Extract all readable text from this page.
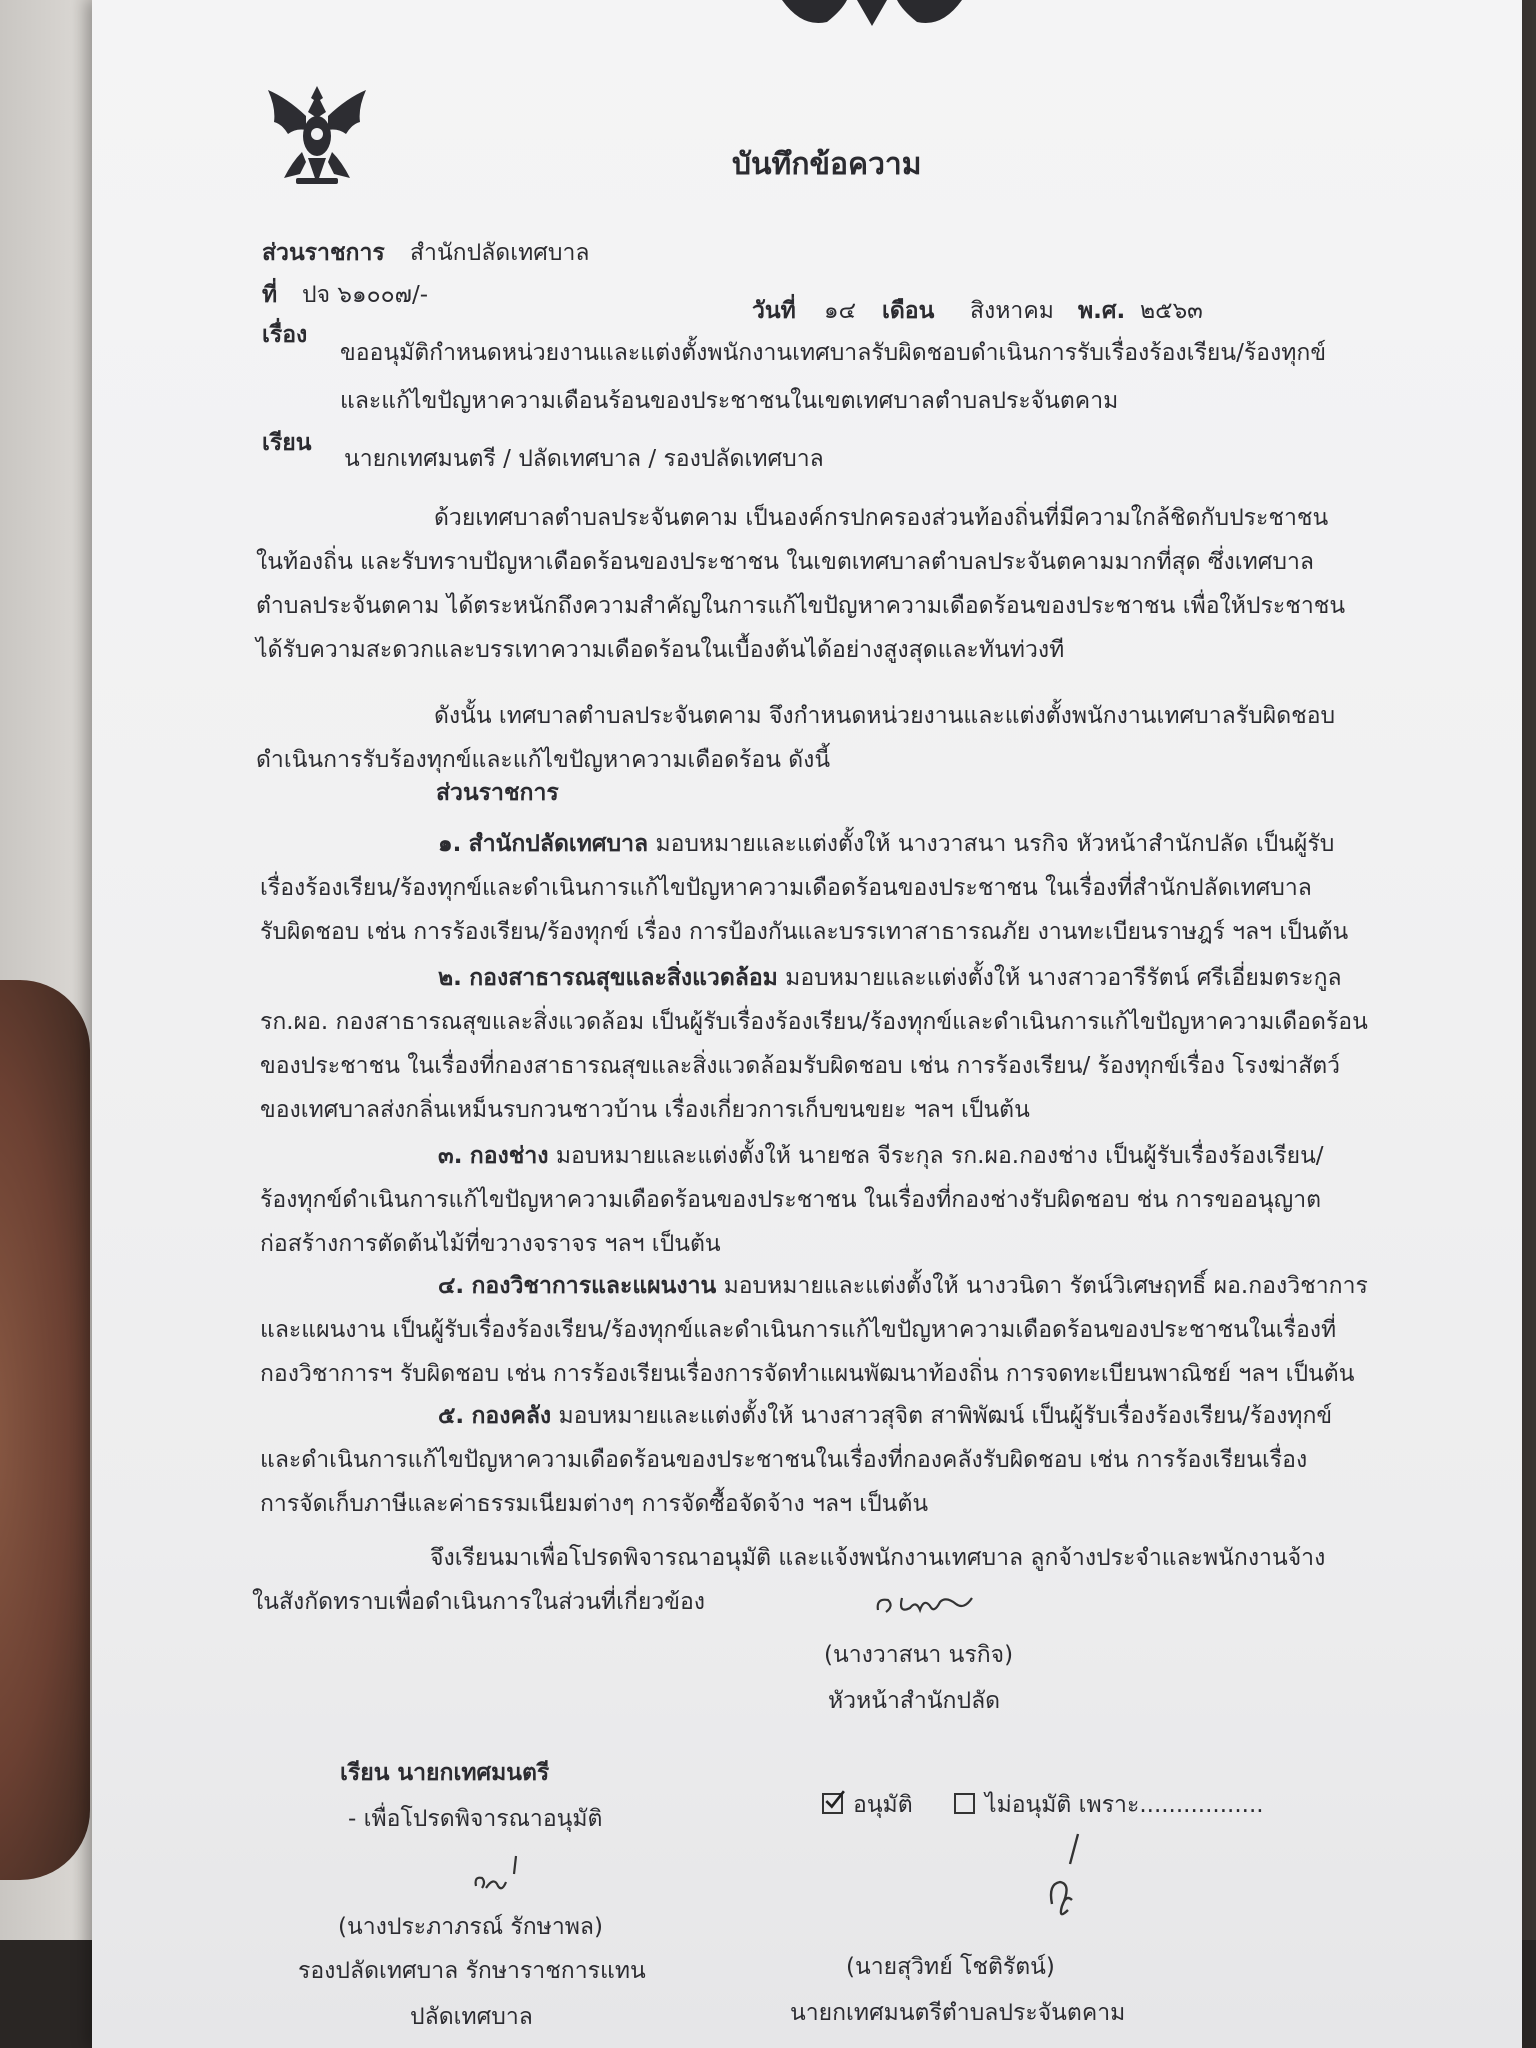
บันทึกข้อความ
ส่วนราชการ สำนักปลัดเทศบาล
ที่ ปจ ๖๑๐๐๗/-
วันที่ ๑๔ เดือน สิงหาคม พ.ศ. ๒๕๖๓
เรื่อง
ขออนุมัติกำหนดหน่วยงานและแต่งตั้งพนักงานเทศบาลรับผิดชอบดำเนินการรับเรื่องร้องเรียน/ร้องทุกข์
และแก้ไขปัญหาความเดือนร้อนของประชาชนในเขตเทศบาลตำบลประจันตคาม
เรียน
นายกเทศมนตรี / ปลัดเทศบาล / รองปลัดเทศบาล
ด้วยเทศบาลตำบลประจันตคาม เป็นองค์กรปกครองส่วนท้องถิ่นที่มีความใกล้ชิดกับประชาชน
ในท้องถิ่น และรับทราบปัญหาเดือดร้อนของประชาชน ในเขตเทศบาลตำบลประจันตคามมากที่สุด ซึ่งเทศบาล
ตำบลประจันตคาม ได้ตระหนักถึงความสำคัญในการแก้ไขปัญหาความเดือดร้อนของประชาชน เพื่อให้ประชาชน
ได้รับความสะดวกและบรรเทาความเดือดร้อนในเบื้องต้นได้อย่างสูงสุดและทันท่วงที
ดังนั้น เทศบาลตำบลประจันตคาม จึงกำหนดหน่วยงานและแต่งตั้งพนักงานเทศบาลรับผิดชอบ
ดำเนินการรับร้องทุกข์และแก้ไขปัญหาความเดือดร้อน ดังนี้
ส่วนราชการ
๑. สำนักปลัดเทศบาล มอบหมายและแต่งตั้งให้ นางวาสนา นรกิจ หัวหน้าสำนักปลัด เป็นผู้รับ
เรื่องร้องเรียน/ร้องทุกข์และดำเนินการแก้ไขปัญหาความเดือดร้อนของประชาชน ในเรื่องที่สำนักปลัดเทศบาล
รับผิดชอบ เช่น การร้องเรียน/ร้องทุกข์ เรื่อง การป้องกันและบรรเทาสาธารณภัย งานทะเบียนราษฎร์ ฯลฯ เป็นต้น
๒. กองสาธารณสุขและสิ่งแวดล้อม มอบหมายและแต่งตั้งให้ นางสาวอารีรัตน์ ศรีเอี่ยมตระกูล
รก.ผอ. กองสาธารณสุขและสิ่งแวดล้อม เป็นผู้รับเรื่องร้องเรียน/ร้องทุกข์และดำเนินการแก้ไขปัญหาความเดือดร้อน
ของประชาชน ในเรื่องที่กองสาธารณสุขและสิ่งแวดล้อมรับผิดชอบ เช่น การร้องเรียน/ ร้องทุกข์เรื่อง โรงฆ่าสัตว์
ของเทศบาลส่งกลิ่นเหม็นรบกวนชาวบ้าน เรื่องเกี่ยวการเก็บขนขยะ ฯลฯ เป็นต้น
๓. กองช่าง มอบหมายและแต่งตั้งให้ นายชล จีระกุล รก.ผอ.กองช่าง เป็นผู้รับเรื่องร้องเรียน/
ร้องทุกข์ดำเนินการแก้ไขปัญหาความเดือดร้อนของประชาชน ในเรื่องที่กองช่างรับผิดชอบ ช่น การขออนุญาต
ก่อสร้างการตัดต้นไม้ที่ขวางจราจร ฯลฯ เป็นต้น
๔. กองวิชาการและแผนงาน มอบหมายและแต่งตั้งให้ นางวนิดา รัตน์วิเศษฤทธิ์ ผอ.กองวิชาการ
และแผนงาน เป็นผู้รับเรื่องร้องเรียน/ร้องทุกข์และดำเนินการแก้ไขปัญหาความเดือดร้อนของประชาชนในเรื่องที่
กองวิชาการฯ รับผิดชอบ เช่น การร้องเรียนเรื่องการจัดทำแผนพัฒนาท้องถิ่น การจดทะเบียนพาณิชย์ ฯลฯ เป็นต้น
๕. กองคลัง มอบหมายและแต่งตั้งให้ นางสาวสุจิต สาพิพัฒน์ เป็นผู้รับเรื่องร้องเรียน/ร้องทุกข์
และดำเนินการแก้ไขปัญหาความเดือดร้อนของประชาชนในเรื่องที่กองคลังรับผิดชอบ เช่น การร้องเรียนเรื่อง
การจัดเก็บภาษีและค่าธรรมเนียมต่างๆ การจัดซื้อจัดจ้าง ฯลฯ เป็นต้น
จึงเรียนมาเพื่อโปรดพิจารณาอนุมัติ และแจ้งพนักงานเทศบาล ลูกจ้างประจำและพนักงานจ้าง
ในสังกัดทราบเพื่อดำเนินการในส่วนที่เกี่ยวข้อง
(นางวาสนา นรกิจ)
หัวหน้าสำนักปลัด
เรียน นายกเทศมนตรี
- เพื่อโปรดพิจารณาอนุมัติ
(นางประภาภรณ์ รักษาพล)
รองปลัดเทศบาล รักษาราชการแทน
ปลัดเทศบาล
อนุมัติ	ไม่อนุมัติ เพราะ.................
(นายสุวิทย์ โชติรัตน์)
นายกเทศมนตรีตำบลประจันตคาม
